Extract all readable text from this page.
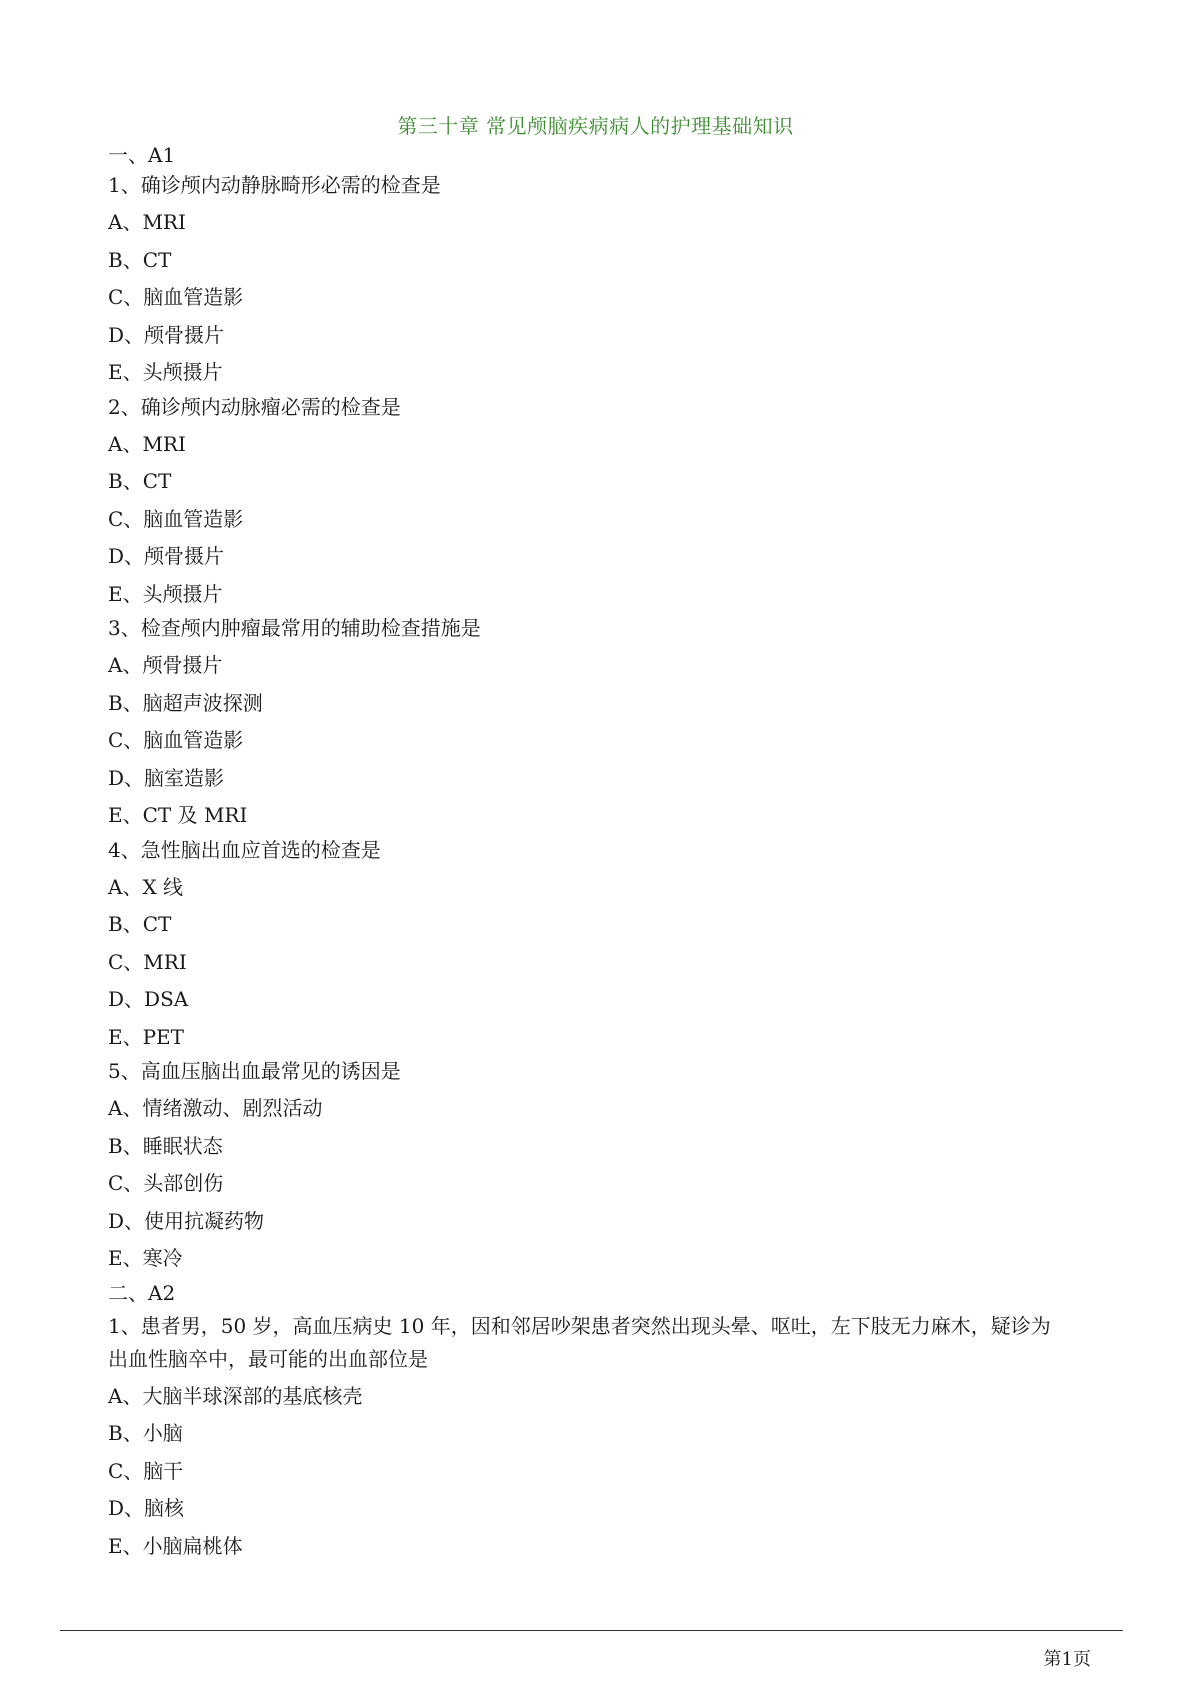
第三十章 常见颅脑疾病病人的护理基础知识
一、A1
1、确诊颅内动静脉畸形必需的检查是
A、MRI
B、CT
C、脑血管造影
D、颅骨摄片
E、头颅摄片
2、确诊颅内动脉瘤必需的检查是
A、MRI
B、CT
C、脑血管造影
D、颅骨摄片
E、头颅摄片
3、检查颅内肿瘤最常用的辅助检查措施是
A、颅骨摄片
B、脑超声波探测
C、脑血管造影
D、脑室造影
E、CT 及 MRI
4、急性脑出血应首选的检查是
A、X 线
B、CT
C、MRI
D、DSA
E、PET
5、高血压脑出血最常见的诱因是
A、情绪激动、剧烈活动
B、睡眠状态
C、头部创伤
D、使用抗凝药物
E、寒冷
二、A2
1、患者男，50 岁，高血压病史 10 年，因和邻居吵架患者突然出现头晕、呕吐，左下肢无力麻木，疑诊为
出血性脑卒中，最可能的出血部位是
A、大脑半球深部的基底核壳
B、小脑
C、脑干
D、脑核
E、小脑扁桃体
第1页
